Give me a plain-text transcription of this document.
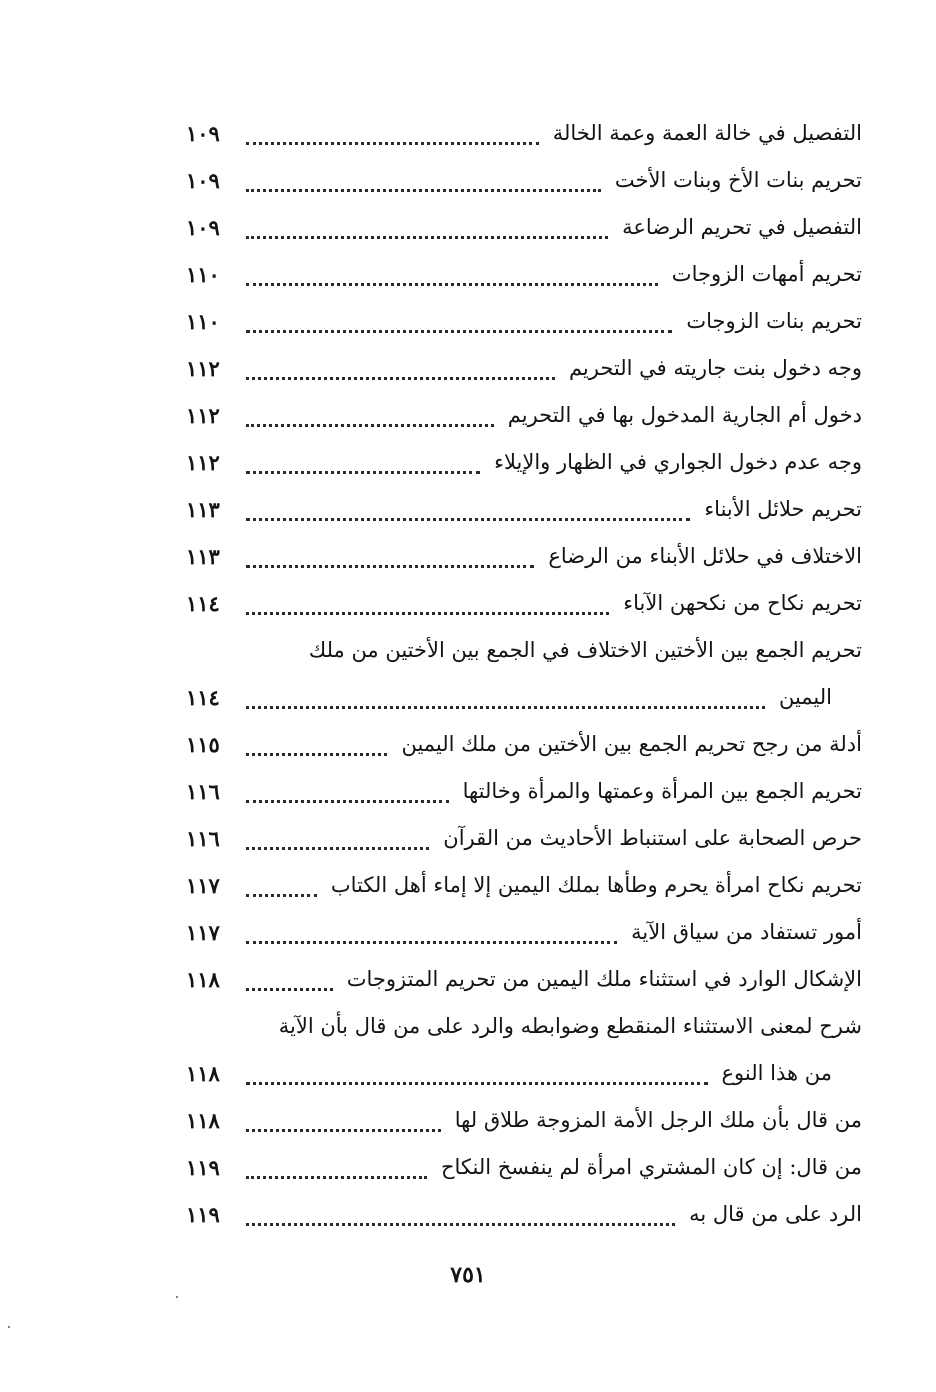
التفصيل في خالة العمة وعمة الخالة
١٠٩
تحريم بنات الأخ وبنات الأخت
١٠٩
التفصيل في تحريم الرضاعة
١٠٩
تحريم أمهات الزوجات
١١٠
تحريم بنات الزوجات
١١٠
وجه دخول بنت جاريته في التحريم
١١٢
دخول أم الجارية المدخول بها في التحريم
١١٢
وجه عدم دخول الجواري في الظهار والإيلاء
١١٢
تحريم حلائل الأبناء
١١٣
الاختلاف في حلائل الأبناء من الرضاع
١١٣
تحريم نكاح من نكحهن الآباء
١١٤
تحريم الجمع بين الأختين الاختلاف في الجمع بين الأختين من ملك
اليمين
١١٤
أدلة من رجح تحريم الجمع بين الأختين من ملك اليمين
١١٥
تحريم الجمع بين المرأة وعمتها والمرأة وخالتها
١١٦
حرص الصحابة على استنباط الأحاديث من القرآن
١١٦
تحريم نكاح امرأة يحرم وطأها بملك اليمين إلا إماء أهل الكتاب
١١٧
أمور تستفاد من سياق الآية
١١٧
الإشكال الوارد في استثناء ملك اليمين من تحريم المتزوجات
١١٨
شرح لمعنى الاستثناء المنقطع وضوابطه والرد على من قال بأن الآية
من هذا النوع
١١٨
من قال بأن ملك الرجل الأمة المزوجة طلاق لها
١١٨
من قال: إن كان المشتري امرأة لم ينفسخ النكاح
١١٩
الرد على من قال به
١١٩
٧٥١
